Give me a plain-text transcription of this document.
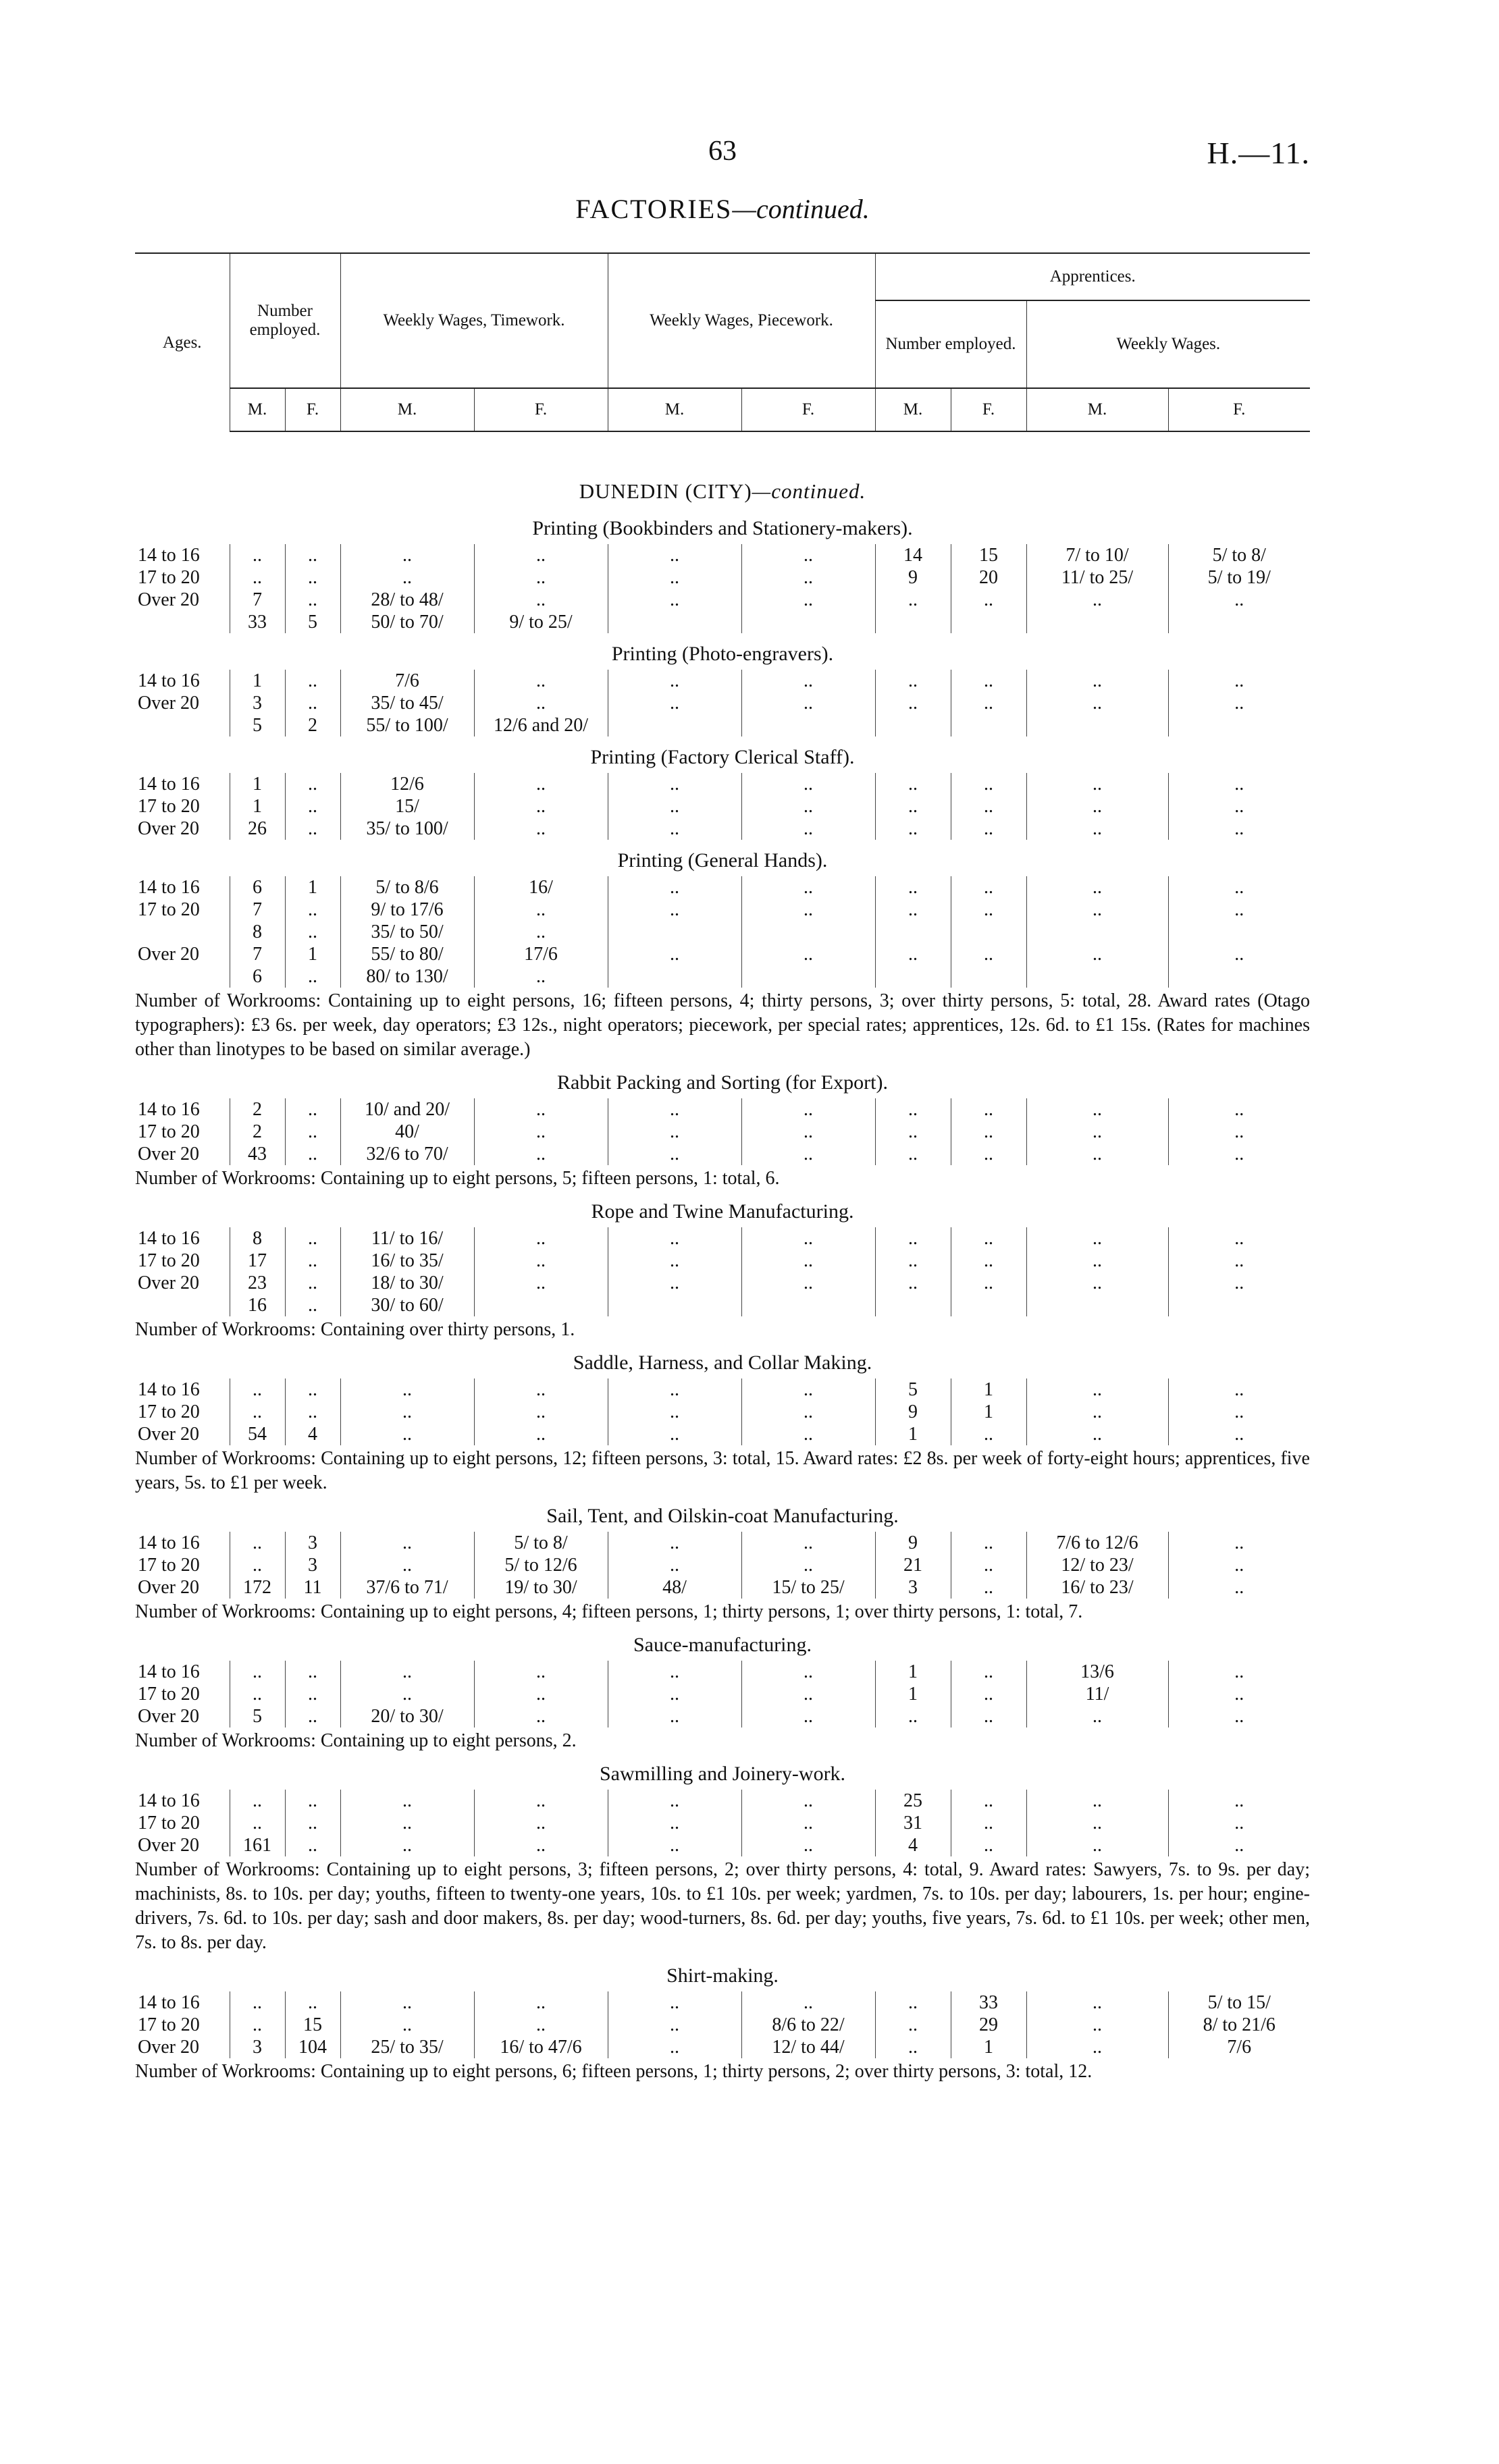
63	H.—11.
FACTORIES—continued.
Ages.	Number employed.		Weekly Wages, Timework.		Weekly Wages, Piecework.		Apprentices.			
							Number employed.		Weekly Wages.	
	M.	F.	M.	F.	M.	F.	M.	F.	M.	F.
DUNEDIN (CITY)—continued.
Printing (Bookbinders and Stationery-makers).
14 to 16	..	..	..	..	..	..	14	15	7/ to 10/	5/ to 8/
17 to 20	..	..	..	..	..	..	9	20	11/ to 25/	5/ to 19/
Over 20	7	..	28/ to 48/	..	..	..	..	..	..	..
	33	5	50/ to 70/	9/ to 25/						
Printing (Photo-engravers).
14 to 16	1	..	7/6	..	..	..	..	..	..	..
Over 20	3	..	35/ to 45/	..	..	..	..	..	..	..
	5	2	55/ to 100/	12/6 and 20/						
Printing (Factory Clerical Staff).
14 to 16	1	..	12/6	..	..	..	..	..	..	..
17 to 20	1	..	15/	..	..	..	..	..	..	..
Over 20	26	..	35/ to 100/	..	..	..	..	..	..	..
Printing (General Hands).
14 to 16	6	1	5/ to 8/6	16/	..	..	..	..	..	..
17 to 20	7	..	9/ to 17/6	..	..	..	..	..	..	..
	8	..	35/ to 50/	..						
Over 20	7	1	55/ to 80/	17/6	..	..	..	..	..	..
	6	..	80/ to 130/	..						
Number of Workrooms: Containing up to eight persons, 16; fifteen persons, 4; thirty persons, 3; over thirty persons, 5: total, 28. Award rates (Otago typographers): £3 6s. per week, day operators; £3 12s., night operators; piecework, per special rates; apprentices, 12s. 6d. to £1 15s. (Rates for machines other than linotypes to be based on similar average.)
Rabbit Packing and Sorting (for Export).
14 to 16	2	..	10/ and 20/	..	..	..	..	..	..	..
17 to 20	2	..	40/	..	..	..	..	..	..	..
Over 20	43	..	32/6 to 70/	..	..	..	..	..	..	..
Number of Workrooms: Containing up to eight persons, 5; fifteen persons, 1: total, 6.
Rope and Twine Manufacturing.
14 to 16	8	..	11/ to 16/	..	..	..	..	..	..	..
17 to 20	17	..	16/ to 35/	..	..	..	..	..	..	..
Over 20	23	..	18/ to 30/	..	..	..	..	..	..	..
	16	..	30/ to 60/							
Number of Workrooms: Containing over thirty persons, 1.
Saddle, Harness, and Collar Making.
14 to 16	..	..	..	..	..	..	5	1	..	..
17 to 20	..	..	..	..	..	..	9	1	..	..
Over 20	54	4	..	..	..	..	1	..	..	..
Number of Workrooms: Containing up to eight persons, 12; fifteen persons, 3: total, 15. Award rates: £2 8s. per week of forty-eight hours; apprentices, five years, 5s. to £1 per week.
Sail, Tent, and Oilskin-coat Manufacturing.
14 to 16	..	3	..	5/ to 8/	..	..	9	..	7/6 to 12/6	..
17 to 20	..	3	..	5/ to 12/6	..	..	21	..	12/ to 23/	..
Over 20	172	11	37/6 to 71/	19/ to 30/	48/	15/ to 25/	3	..	16/ to 23/	..
Number of Workrooms: Containing up to eight persons, 4; fifteen persons, 1; thirty persons, 1; over thirty persons, 1: total, 7.
Sauce-manufacturing.
14 to 16	..	..	..	..	..	..	1	..	13/6	..
17 to 20	..	..	..	..	..	..	1	..	11/	..
Over 20	5	..	20/ to 30/	..	..	..	..	..	..	..
Number of Workrooms: Containing up to eight persons, 2.
Sawmilling and Joinery-work.
14 to 16	..	..	..	..	..	..	25	..	..	..
17 to 20	..	..	..	..	..	..	31	..	..	..
Over 20	161	..	..	..	..	..	4	..	..	..
Number of Workrooms: Containing up to eight persons, 3; fifteen persons, 2; over thirty persons, 4: total, 9. Award rates: Sawyers, 7s. to 9s. per day; machinists, 8s. to 10s. per day; youths, fifteen to twenty-one years, 10s. to £1 10s. per week; yardmen, 7s. to 10s. per day; labourers, 1s. per hour; engine-drivers, 7s. 6d. to 10s. per day; sash and door makers, 8s. per day; wood-turners, 8s. 6d. per day; youths, five years, 7s. 6d. to £1 10s. per week; other men, 7s. to 8s. per day.
Shirt-making.
14 to 16	..	..	..	..	..	..	..	33	..	5/ to 15/
17 to 20	..	15	..	..	..	8/6 to 22/	..	29	..	8/ to 21/6
Over 20	3	104	25/ to 35/	16/ to 47/6	..	12/ to 44/	..	1	..	7/6
Number of Workrooms: Containing up to eight persons, 6; fifteen persons, 1; thirty persons, 2; over thirty persons, 3: total, 12.
